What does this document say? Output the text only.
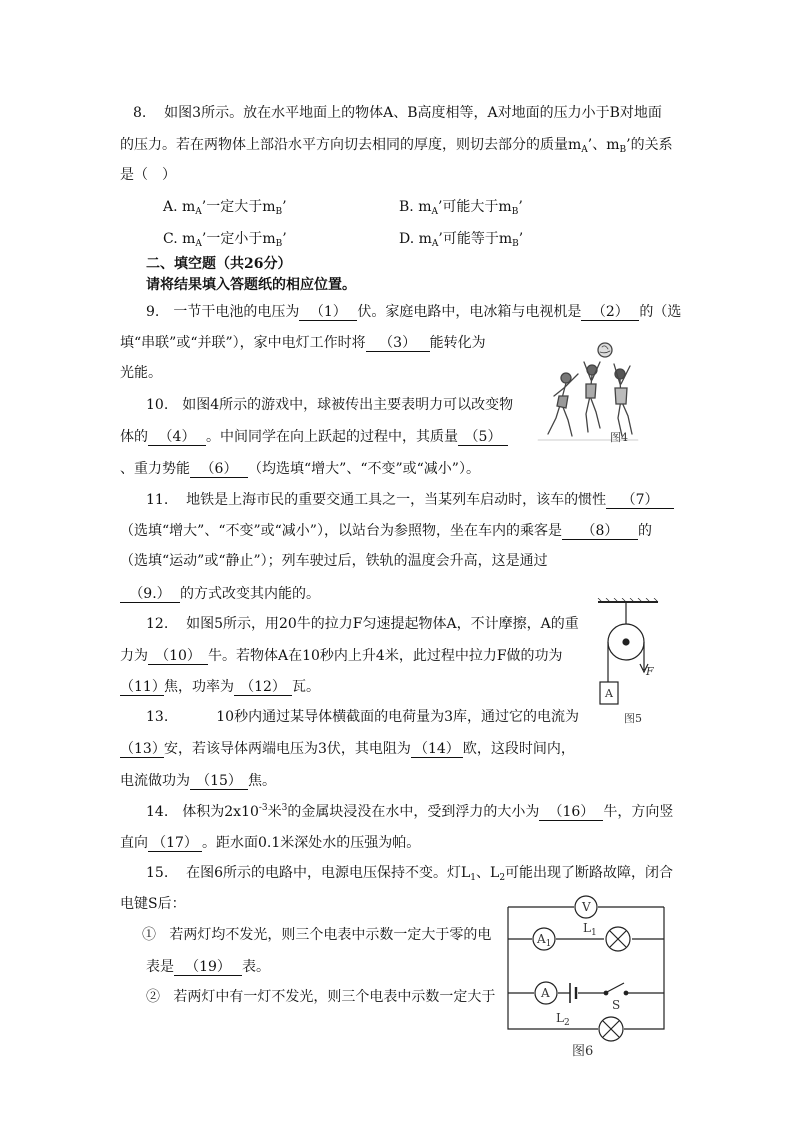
8. 如图3所示。放在水平地面上的物体A、B高度相等，A对地面的压力小于B对地面
的压力。若在两物体上部沿水平方向切去相同的厚度，则切去部分的质量$m_A$’、$m_B$’的关系
是（　）
A. $m_A$’一定大于$m_B$’	B. $m_A$’可能大于$m_B$’
C. $m_A$’一定小于$m_B$’	D. $m_A$’可能等于$m_B$’
二、填空题（共26分）
请将结果填入答题纸的相应位置。
9.　一节干电池的电压为 （1） 伏。家庭电路中，电冰箱与电视机是 （2） 的（选
填“串联”或“并联”），家中电灯工作时将 （3） 能转化为
光能。
10.　如图4所示的游戏中，球被传出主要表明力可以改变物
体的 （4） 。中间同学在向上跃起的过程中，其质量 （5）
、重力势能 （6） （均选填“增大”、“不变”或“减小”）。
图4
11. 地铁是上海市民的重要交通工具之一，当某列车启动时，该车的惯性 （7）
（选填“增大”、“不变”或“减小”），以站台为参照物，坐在车内的乘客是 （8） 的
（选填“运动”或“静止”）；列车驶过后，铁轨的温度会升高，这是通过
（9.） 的方式改变其内能的。
12. 如图5所示，用20牛的拉力F匀速提起物体A，不计摩擦，A的重
力为 （10） 牛。若物体A在10秒内上升4米，此过程中拉力F做的功为
（11）焦，功率为 （12） 瓦。
F
A
图5
13.	10秒内通过某导体横截面的电荷量为3库，通过它的电流为
（13）安，若该导体两端电压为3伏，其电阻为 （14） 欧，这段时间内，
电流做功为 （15） 焦。
14.　体积为$2x10^{-3}$米$^3$的金属块浸没在水中，受到浮力的大小为 （16） 牛，方向竖
直向 （17） 。距水面0.1米深处水的压强为帕。
15. 在图6所示的电路中，电源电压保持不变。灯$L_1$、$L_2$可能出现了断路故障，闭合
电键S后：
① 若两灯均不发光，则三个电表中示数一定大于零的电
表是 （19） 表。
② 若两灯中有一灯不发光，则三个电表中示数一定大于
V
$A_1$
$L_1$
A
S
$L_2$
图6
